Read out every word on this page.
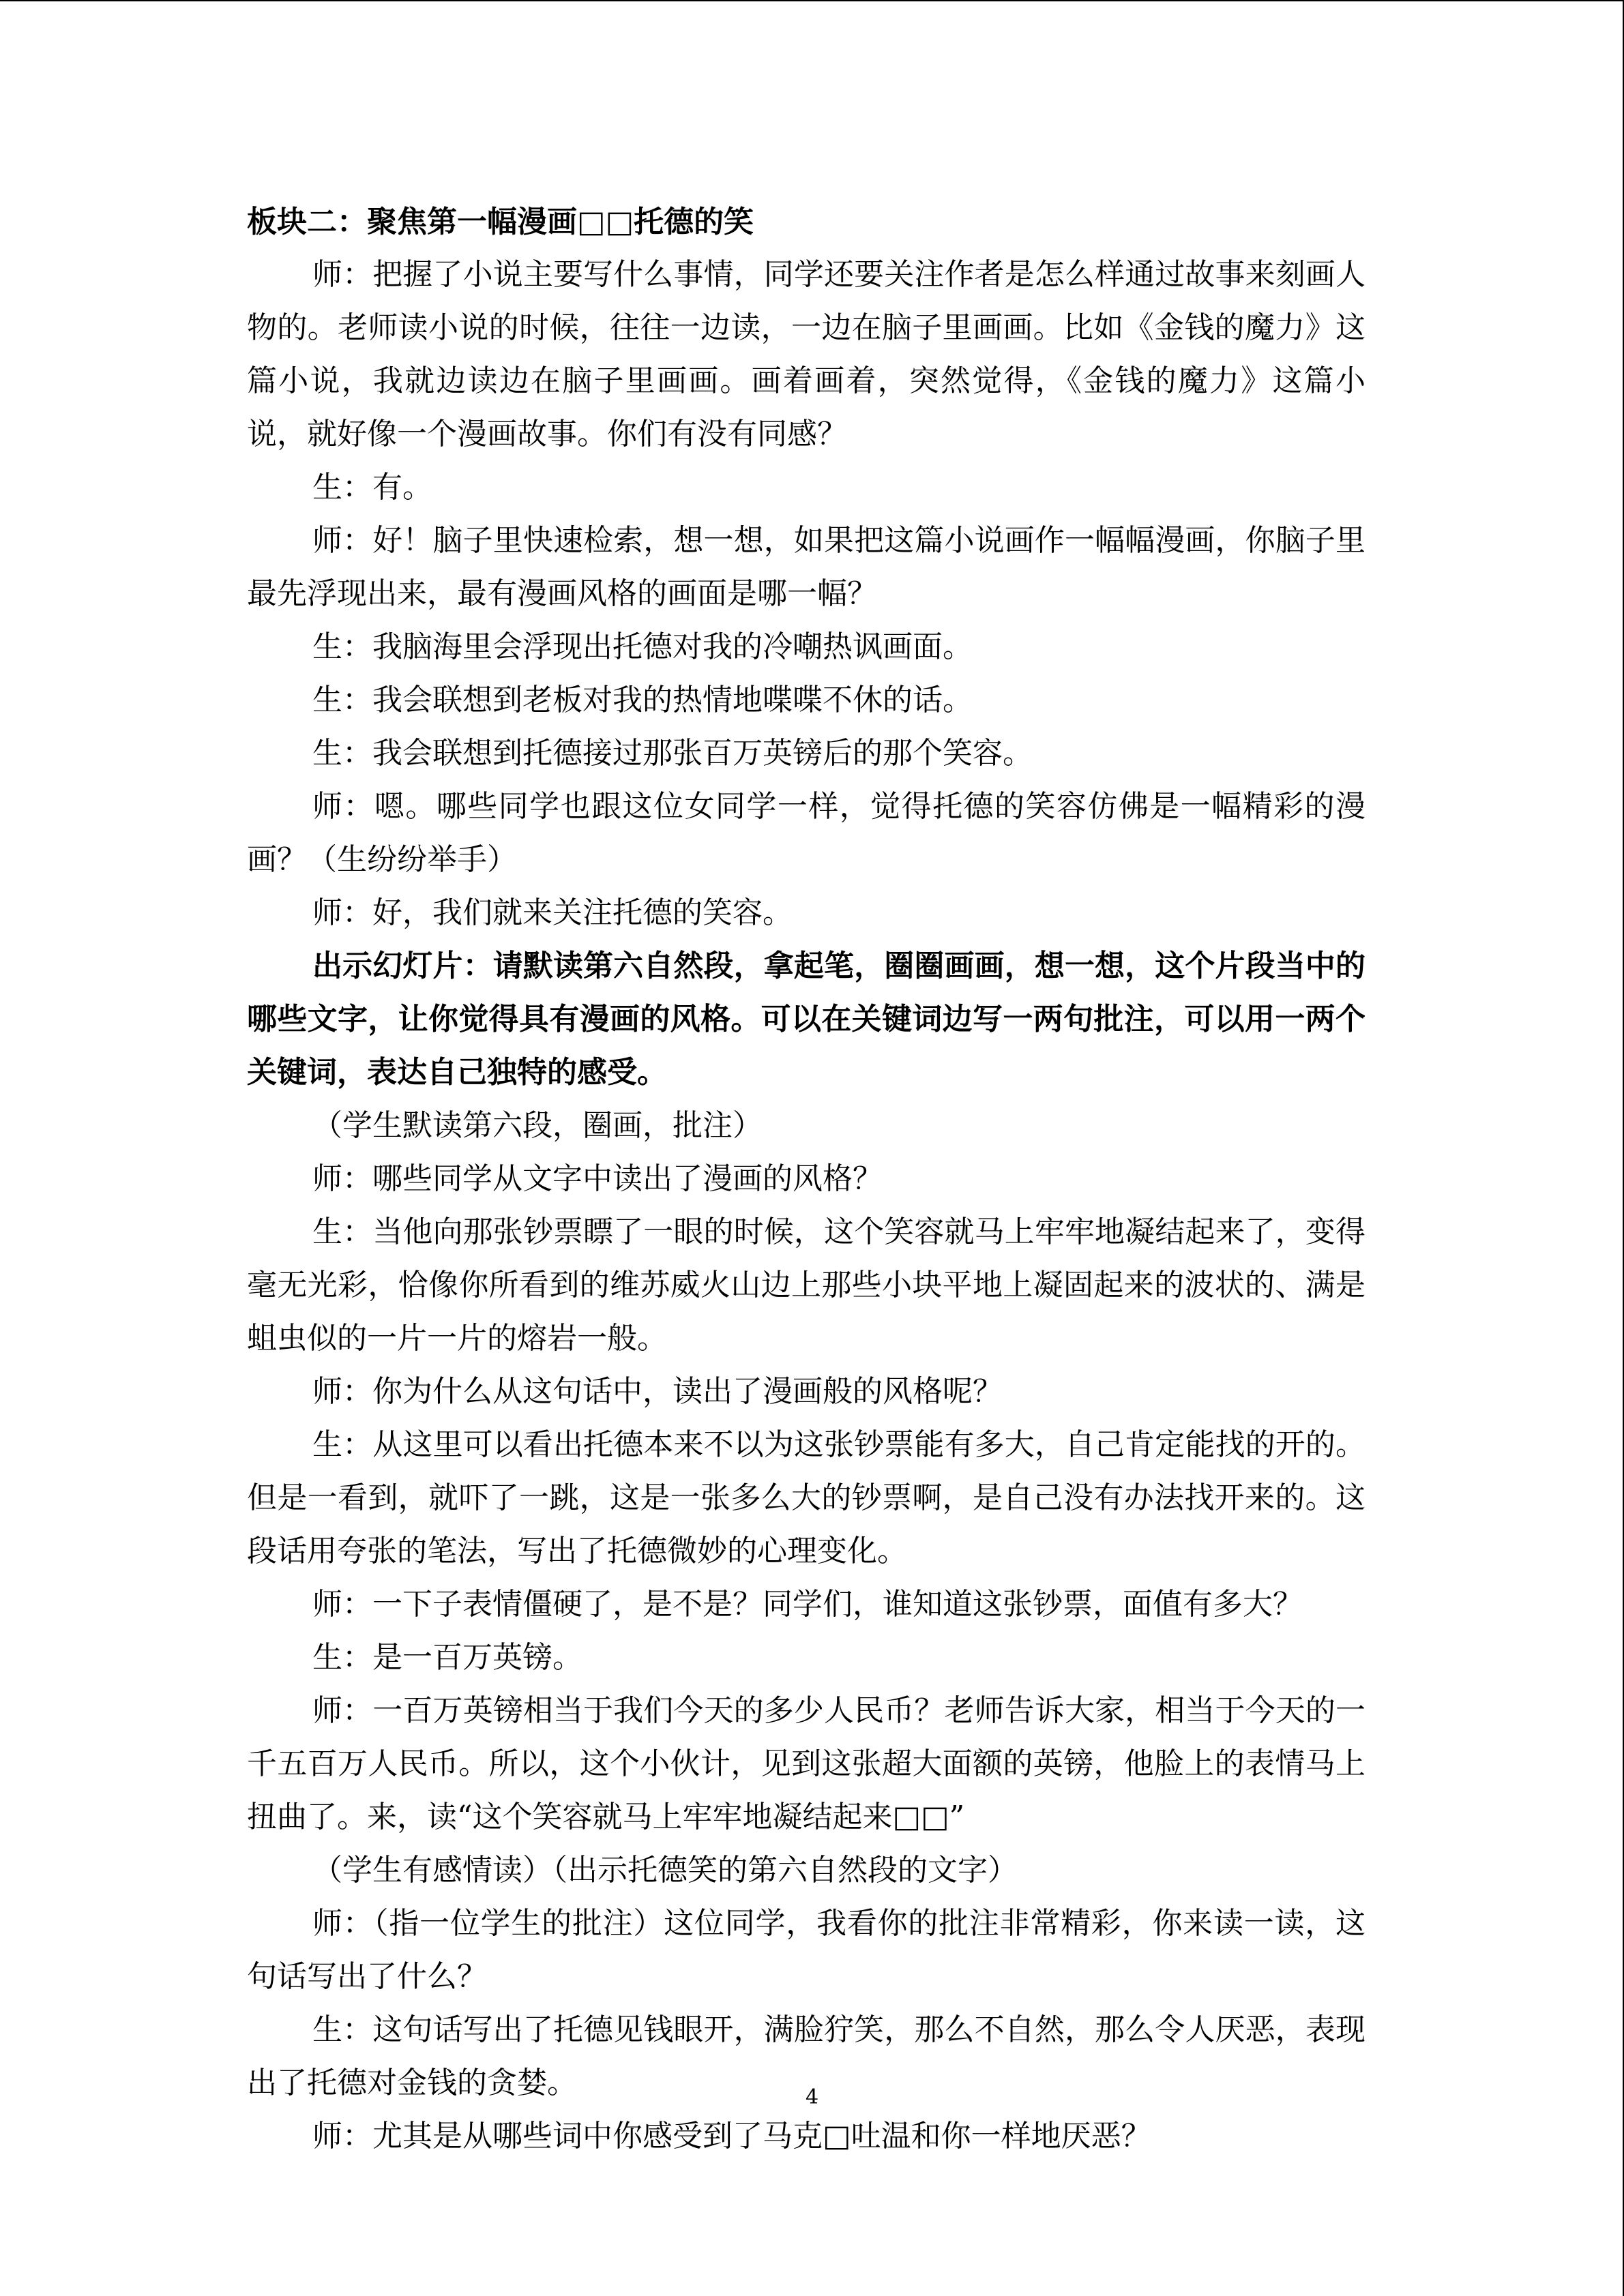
板块二：聚焦第一幅漫画□□托德的笑

师：把握了小说主要写什么事情，同学还要关注作者是怎么样通过故事来刻画人物的。老师读小说的时候，往往一边读，一边在脑子里画画。比如《金钱的魔力》这篇小说，我就边读边在脑子里画画。画着画着，突然觉得，《金钱的魔力》这篇小说，就好像一个漫画故事。你们有没有同感？

生：有。

师：好！脑子里快速检索，想一想，如果把这篇小说画作一幅幅漫画，你脑子里最先浮现出来，最有漫画风格的画面是哪一幅？

生：我脑海里会浮现出托德对我的冷嘲热讽画面。

生：我会联想到老板对我的热情地喋喋不休的话。

生：我会联想到托德接过那张百万英镑后的那个笑容。

师：嗯。哪些同学也跟这位女同学一样，觉得托德的笑容仿佛是一幅精彩的漫画？（生纷纷举手）

师：好，我们就来关注托德的笑容。

出示幻灯片：请默读第六自然段，拿起笔，圈圈画画，想一想，这个片段当中的哪些文字，让你觉得具有漫画的风格。可以在关键词边写一两句批注，可以用一两个关键词，表达自己独特的感受。

（学生默读第六段，圈画，批注）

师：哪些同学从文字中读出了漫画的风格？

生：当他向那张钞票瞟了一眼的时候，这个笑容就马上牢牢地凝结起来了，变得毫无光彩，恰像你所看到的维苏威火山边上那些小块平地上凝固起来的波状的、满是蛆虫似的一片一片的熔岩一般。

师：你为什么从这句话中，读出了漫画般的风格呢？

生：从这里可以看出托德本来不以为这张钞票能有多大，自己肯定能找的开的。但是一看到，就吓了一跳，这是一张多么大的钞票啊，是自己没有办法找开来的。这段话用夸张的笔法，写出了托德微妙的心理变化。

师：一下子表情僵硬了，是不是？同学们，谁知道这张钞票，面值有多大？

生：是一百万英镑。

师：一百万英镑相当于我们今天的多少人民币？老师告诉大家，相当于今天的一千五百万人民币。所以，这个小伙计，见到这张超大面额的英镑，他脸上的表情马上扭曲了。来，读“这个笑容就马上牢牢地凝结起来□□”

（学生有感情读）（出示托德笑的第六自然段的文字）

师：（指一位学生的批注）这位同学，我看你的批注非常精彩，你来读一读，这句话写出了什么？

生：这句话写出了托德见钱眼开，满脸狞笑，那么不自然，那么令人厌恶，表现出了托德对金钱的贪婪。

师：尤其是从哪些词中你感受到了马克□吐温和你一样地厌恶？

4
